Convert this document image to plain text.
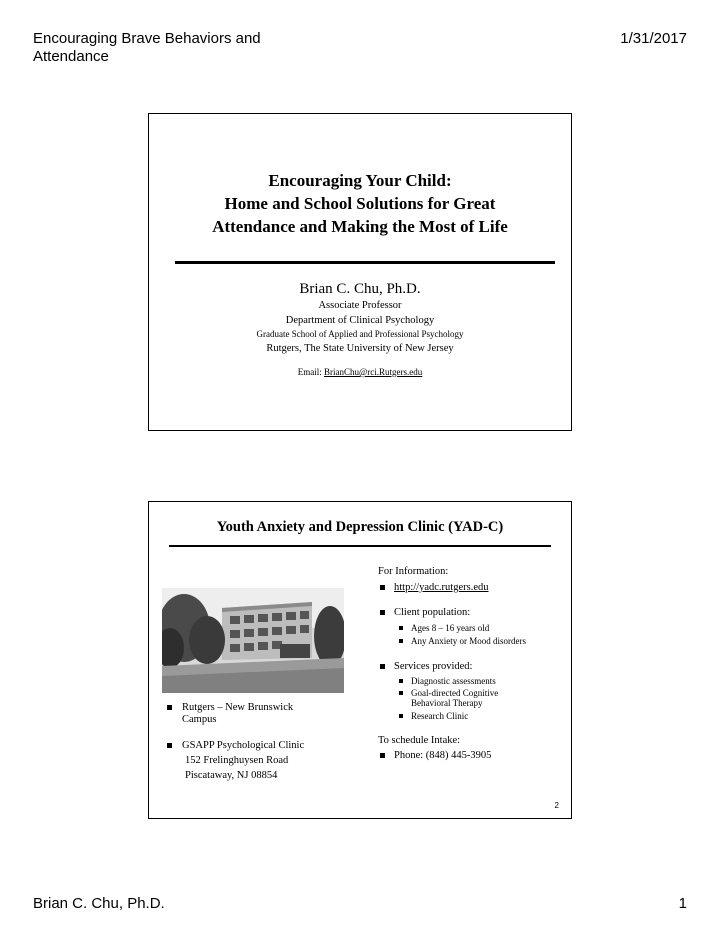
Encouraging Brave Behaviors and Attendance
1/31/2017
Brian C. Chu, Ph.D.	1
Encouraging Your Child:
Home and School Solutions for Great
Attendance and Making the Most of Life
Brian C. Chu, Ph.D.
Associate Professor
Department of Clinical Psychology
Graduate School of Applied and Professional Psychology
Rutgers, The State University of New Jersey
Email: BrianChu@rci.Rutgers.edu
Youth Anxiety and Depression Clinic (YAD-C)
Rutgers – New Brunswick
Campus
GSAPP Psychological Clinic
152 Frelinghuysen Road
Piscataway, NJ 08854
For Information:
http://yadc.rutgers.edu
Client population:
Ages 8 – 16 years old
Any Anxiety or Mood disorders
Services provided:
Diagnostic assessments
Goal-directed Cognitive
Behavioral Therapy
Research Clinic
To schedule Intake:
Phone: (848) 445-3905
2
